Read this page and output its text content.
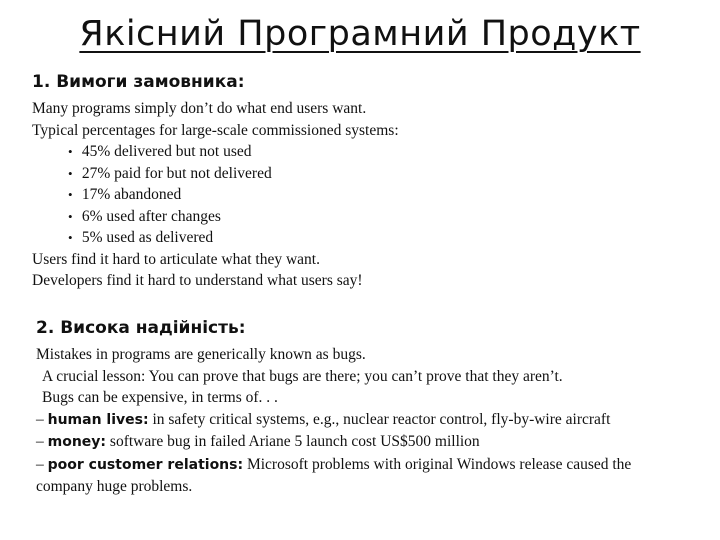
Якісний Програмний Продукт

1. Вимоги замовника:

Many programs simply don’t do what end users want.

Typical percentages for large-scale commissioned systems:

• 45% delivered but not used
• 27% paid for but not delivered
• 17% abandoned
• 6% used after changes
• 5% used as delivered

Users find it hard to articulate what they want.

Developers find it hard to understand what users say!

2. Висока надійність:

Mistakes in programs are generically known as bugs.

A crucial lesson: You can prove that bugs are there; you can’t prove that they aren’t.

Bugs can be expensive, in terms of. . .

– human lives: in safety critical systems, e.g., nuclear reactor control, fly-by-wire aircraft

– money: software bug in failed Ariane 5 launch cost US$500 million

– poor customer relations: Microsoft problems with original Windows release caused the company huge problems.
